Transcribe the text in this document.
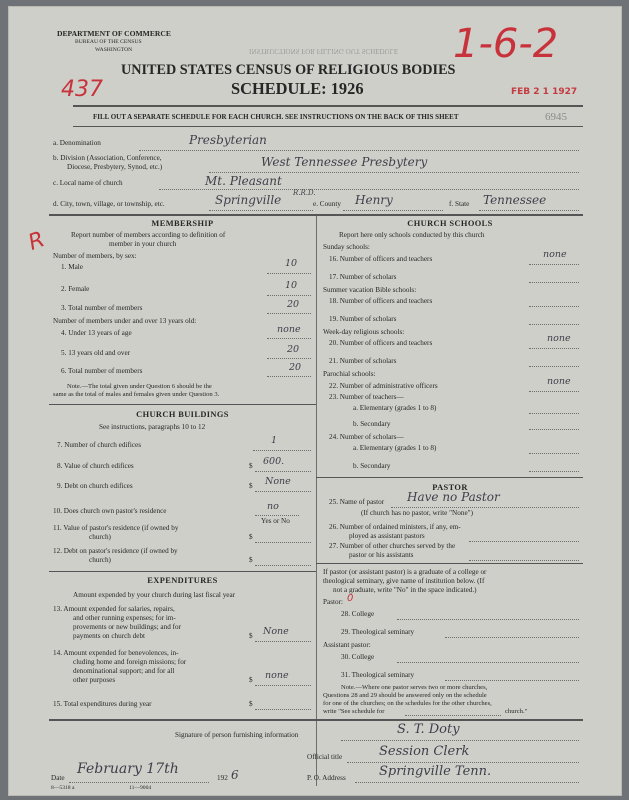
DEPARTMENT OF COMMERCE
BUREAU OF THE CENSUS
WASHINGTON	INSTRUCTIONS FOR FILLING OUT SCHEDULE
UNITED STATES CENSUS OF RELIGIOUS BODIES
SCHEDULE: 1926
FILL OUT A SEPARATE SCHEDULE FOR EACH CHURCH. SEE INSTRUCTIONS ON THE BACK OF THIS SHEET
FEB 2 1 1927
6945
1-6-2
437
R
a. Denomination	Presbyterian
b. Division (Association, Conference,
Diocese, Presbytery, Synod, etc.)	West Tennessee Presbytery
c. Local name of church	Mt. Pleasant
d. City, town, village, or township, etc.	Springville R.R.D.
e. County Henry	f. State Tennessee
MEMBERSHIP
Report number of members according to definition of
member in your church
Number of members, by sex:
1. Male	10
2. Female	10
3. Total number of members	20
Number of members under and over 13 years old:
4. Under 13 years of age	none
5. 13 years old and over	20
6. Total number of members	20
Note.—The total given under Question 6 should be the
same as the total of males and females given under Question 3.
CHURCH BUILDINGS
See instructions, paragraphs 10 to 12
7. Number of church edifices	1
8. Value of church edifices	$ 600.
9. Debt on church edifices	$ None
10. Does church own pastor's residence	no
Yes or No
11. Value of pastor's residence (if owned by
church)	$
12. Debt on pastor's residence (if owned by
church)	$
EXPENDITURES
Amount expended by your church during last fiscal year
13. Amount expended for salaries, repairs,
and other running expenses; for im-
provements or new buildings; and for
payments on church debt	$ None
14. Amount expended for benevolences, in-
cluding home and foreign missions; for
denominational support; and for all
other purposes	$ none
15. Total expenditures during year	$
CHURCH SCHOOLS
Report here only schools conducted by this church
Sunday schools:
16. Number of officers and teachers	none
17. Number of scholars
Summer vacation Bible schools:
18. Number of officers and teachers
19. Number of scholars
Week-day religious schools:
20. Number of officers and teachers	none
21. Number of scholars
Parochial schools:
22. Number of administrative officers	none
23. Number of teachers—
a. Elementary (grades 1 to 8)
b. Secondary
24. Number of scholars—
a. Elementary (grades 1 to 8)
b. Secondary
PASTOR
25. Name of pastor Have no Pastor
(If church has no pastor, write "None")
26. Number of ordained ministers, if any, em-
ployed as assistant pastors
27. Number of other churches served by the
pastor or his assistants
If pastor (or assistant pastor) is a graduate of a college or
theological seminary, give name of institution below. (If
not a graduate, write "No" in the space indicated.)
Pastor: 0
28. College
29. Theological seminary
Assistant pastor:
30. College
31. Theological seminary
Note.—Where one pastor serves two or more churches,
Questions 28 and 29 should be answered only on the schedule
for one of the churches; on the schedules for the other churches,
write "See schedule for	church."
Signature of person furnishing information	S. T. Doty
Official title	Session Clerk
Date
February 17th
192 6	P. O. Address	Springville Tenn.
8—5318 a	11—9004
